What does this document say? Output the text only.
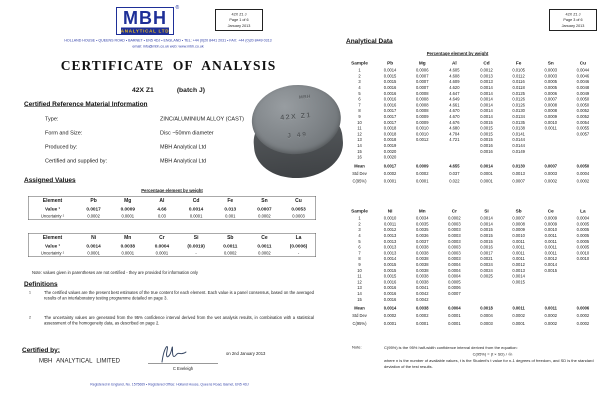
®
MBH
ANALYTICAL LTD
42X Z1 J
Page 1 of 6
January 2013
HOLLAND HOUSE • QUEENS ROAD • BARNET • EN5 4DJ • ENGLAND • TEL: +44 (0)20 8441 2031 • FAX: +44 (0)20 8449 0313
email: info@mbh.co.uk web: www.mbh.co.uk
CERTIFICATE OF ANALYSIS
42X Z1 (batch J)
Certified Reference Material Information
Type:	ZINC/ALUMINIUM ALLOY (CAST)
Form and Size:	Disc ~50mm diameter
Produced by:	MBH Analytical Ltd
Certified and supplied by:	MBH Analytical Ltd
MBH
42X Z1
J 49
Assigned Values
Percentage element by weight
Element	Pb	Mg	Al	Cd	Fe	Sn	Cu
Value ¹	0.0017	0.0009	4.66	0.0014	0.013	0.0007	0.0053
Uncertainty ²	0.0002	0.0001	0.03	0.0001	0.001	0.0002	0.0003
Element	Ni	Mn	Cr	Si	Sb	Ce	La
Value ¹	0.0014	0.0038	0.0004	(0.0019)	0.0011	0.0011	(0.0006)
Uncertainty ²	0.0001	0.0001	0.0001	-	0.0002	0.0002	-
Note: values given in parentheses are not certified - they are provided for information only
Definitions
1 The certified values are the present best estimates of the true content for each element. Each value is a panel consensus, based on the averaged results of an interlaboratory testing programme detailed on page 3.
2 The uncertainty values are generated from the 95% confidence interval derived from the wet analysis results, in combination with a statistical assessment of the homogeneity data, as described on page 2.
Certified by:
MBH ANALYTICAL LIMITED
C Eveleigh
on 2nd January 2013
Registered in England, No. 1575669 • Registered Office: Holland House, Queens Road, Barnet, EN5 4DJ
42X Z1 J
Page 3 of 6
January 2013
Analytical Data
Percentage element by weight
Sample	Pb	Mg	Al	Cd	Fe	Sn	Cu
1	0.0014	0.0006	4.605	0.0012	0.0105	0.0003	0.0044
2	0.0015	0.0007	4.608	0.0013	0.0112	0.0003	0.0046
3	0.0015	0.0007	4.609	0.0013	0.0116	0.0005	0.0046
4	0.0016	0.0007	4.620	0.0014	0.0118	0.0005	0.0048
5	0.0016	0.0008	4.647	0.0014	0.0125	0.0006	0.0049
6	0.0016	0.0008	4.649	0.0014	0.0126	0.0007	0.0050
7	0.0016	0.0008	4.661	0.0014	0.0126	0.0008	0.0050
8	0.0017	0.0008	4.670	0.0014	0.0130	0.0008	0.0052
9	0.0017	0.0009	4.670	0.0014	0.0134	0.0009	0.0052
10	0.0017	0.0009	4.676	0.0015	0.0135	0.0010	0.0054
11	0.0018	0.0010	4.680	0.0015	0.0138	0.0011	0.0055
12	0.0018	0.0010	4.704	0.0015	0.0141		0.0057
13	0.0018	0.0012	4.721	0.0015	0.0144		
14	0.0019			0.0016	0.0144		
15	0.0020			0.0016	0.0149		
16	0.0020						
Mean	0.0017	0.0009	4.655	0.0014	0.0130	0.0007	0.0050
Std Dev	0.0002	0.0002	0.037	0.0001	0.0013	0.0003	0.0004
C(95%)	0.0001	0.0001	0.022	0.0001	0.0007	0.0002	0.0002
Sample	Ni	Mn	Cr	Si	Sb	Ce	La
1	0.0010	0.0034	0.0002	0.0014	0.0007	0.0009	0.0004
2	0.0011	0.0035	0.0003	0.0014	0.0008	0.0009	0.0005
3	0.0012	0.0035	0.0003	0.0015	0.0009	0.0010	0.0005
4	0.0013	0.0036	0.0003	0.0015	0.0010	0.0011	0.0005
5	0.0013	0.0037	0.0003	0.0015	0.0011	0.0011	0.0005
6	0.0013	0.0038	0.0003	0.0016	0.0011	0.0011	0.0005
7	0.0013	0.0038	0.0003	0.0017	0.0011	0.0011	0.0010
8	0.0014	0.0038	0.0003	0.0021	0.0011	0.0012	0.0010
9	0.0015	0.0038	0.0004	0.0024	0.0012	0.0014	
10	0.0015	0.0038	0.0004	0.0024	0.0013	0.0015	
11	0.0015	0.0038	0.0004	0.0025	0.0014		
12	0.0016	0.0038	0.0005		0.0015		
13	0.0016	0.0041	0.0006				
14	0.0016	0.0042	0.0007				
15	0.0016	0.0042					
Mean	0.0014	0.0038	0.0004	0.0018	0.0011	0.0011	0.0006
Std Dev	0.0002	0.0002	0.0001	0.0004	0.0002	0.0002	0.0002
C(95%)	0.0001	0.0001	0.0001	0.0003	0.0001	0.0002	0.0002
Note:	C(95%) is the 95% half-width confidence interval derived from the equation:
C(95%) = (t × SD) / √n
where n is the number of available values, t is the Student's t value for n-1 degrees of freedom, and SD is the standard deviation of the test results.
